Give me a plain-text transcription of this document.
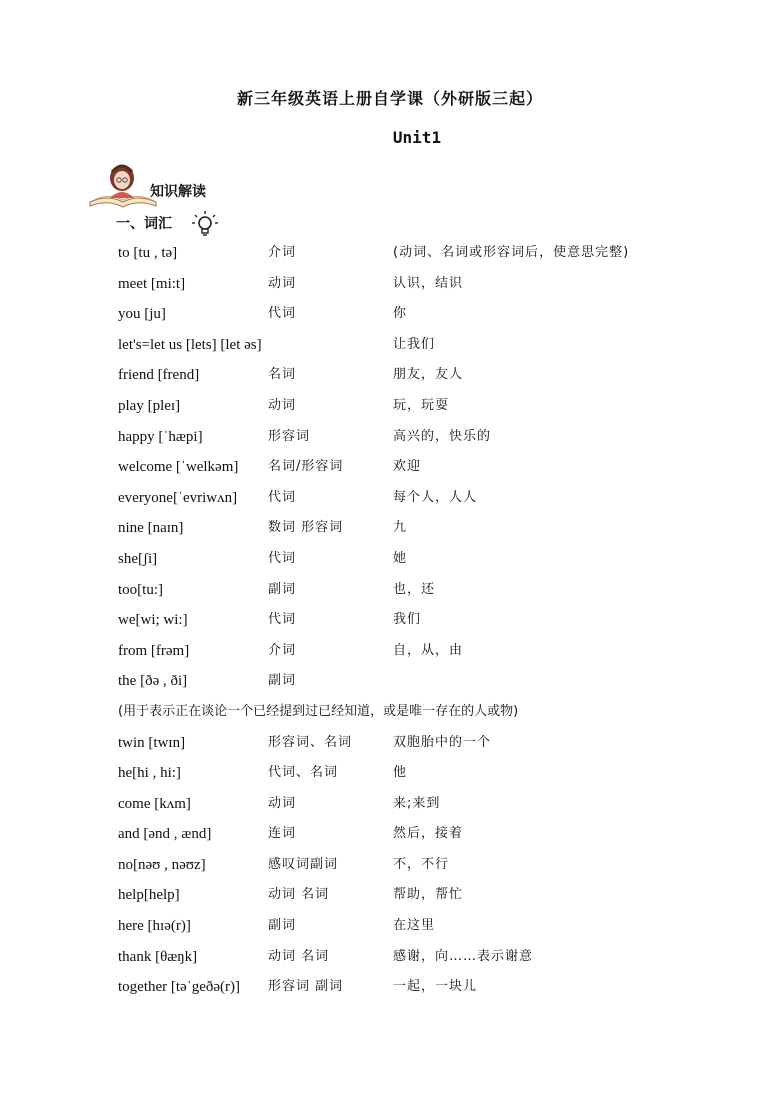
新三年级英语上册自学课（外研版三起）
Unit1
知识解读
一、词汇
to [tu , tə]	介词	(动词、名词或形容词后，使意思完整)
meet [mi:t]	动词	认识，结识
you [ju]	代词	你
let's=let us [lets] [let əs]	让我们
friend [frend]	名词	朋友，友人
play [pleɪ]	动词	玩，玩耍
happy [ˈhæpi]	形容词	高兴的，快乐的
welcome [ˈwelkəm] 名词/形容词	欢迎
everyone[ˈevriwʌn] 代词	每个人，人人
nine [naɪn]	数词 形容词	九
she[ʃi]	代词	她
too[tu:]	副词	也，还
we[wi; wi:]	代词	我们
from [frəm]	介词	自，从，由
the [ðə , ði]	副词
(用于表示正在谈论一个已经提到过已经知道，或是唯一存在的人或物)
twin [twɪn]	形容词、名词	双胞胎中的一个
he[hi , hi:]	代词、名词	他
come [kʌm]	动词	来;来到
and [ənd , ænd]	连词	然后，接着
no[nəʊ , nəʊz]	感叹词副词	不，不行
help[help]	动词 名词	帮助，帮忙
here [hɪə(r)]	副词	在这里
thank [θæŋk]	动词 名词	感谢，向……表示谢意
together [təˈgeðə(r)] 形容词 副词	一起，一块儿
